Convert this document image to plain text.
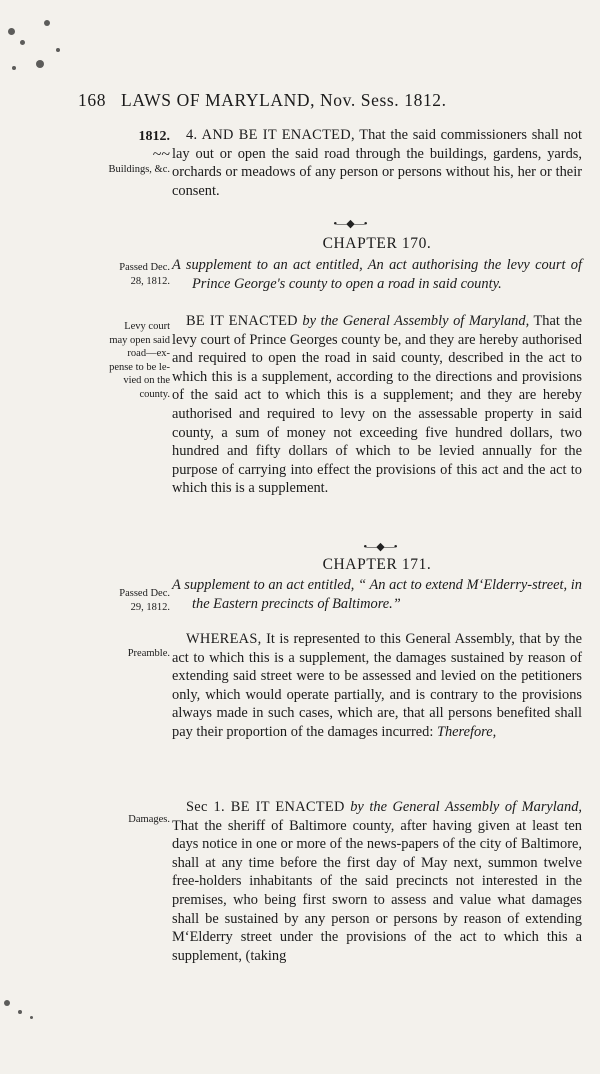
168 LAWS OF MARYLAND, Nov. Sess. 1812.
1812.
~~
Buildings, &c.
Passed Dec.
28, 1812.
Levy court
may open said
road—ex-
pense to be le-
vied on the
county.
Passed Dec.
29, 1812.
Preamble.
Damages.

4. AND BE IT ENACTED, That the said commissioners shall not lay out or open the said road through the buildings, gardens, yards, orchards or meadows of any person or persons without his, her or their consent.

•—◆—•
CHAPTER 170.

A supplement to an act entitled, An act authorising the levy court of Prince George's county to open a road in said county.

BE IT ENACTED by the General Assembly of Maryland, That the levy court of Prince Georges county be, and they are hereby authorised and required to open the road in said county, described in the act to which this is a supplement, according to the directions and provisions of the said act to which this is a supplement; and they are hereby authorised and required to levy on the assessable property in said county, a sum of money not exceeding five hundred dollars, two hundred and fifty dollars of which to be levied annually for the purpose of carrying into effect the provisions of this act and the act to which this is a supplement.

•—◆—•
CHAPTER 171.

A supplement to an act entitled, “ An act to extend M‘Elderry-street, in the Eastern precincts of Baltimore.”

WHEREAS, It is represented to this General Assembly, that by the act to which this is a supplement, the damages sustained by reason of extending said street were to be assessed and levied on the petitioners only, which would operate partially, and is contrary to the provisions always made in such cases, which are, that all persons benefited shall pay their proportion of the damages incurred: Therefore,

Sec 1. BE IT ENACTED by the General Assembly of Maryland, That the sheriff of Baltimore county, after having given at least ten days notice in one or more of the news-papers of the city of Baltimore, shall at any time before the first day of May next, summon twelve free-holders inhabitants of the said precincts not interested in the premises, who being first sworn to assess and value what damages shall be sustained by any person or persons by reason of extending M‘Elderry street under the provisions of the act to which this a supplement, (taking
